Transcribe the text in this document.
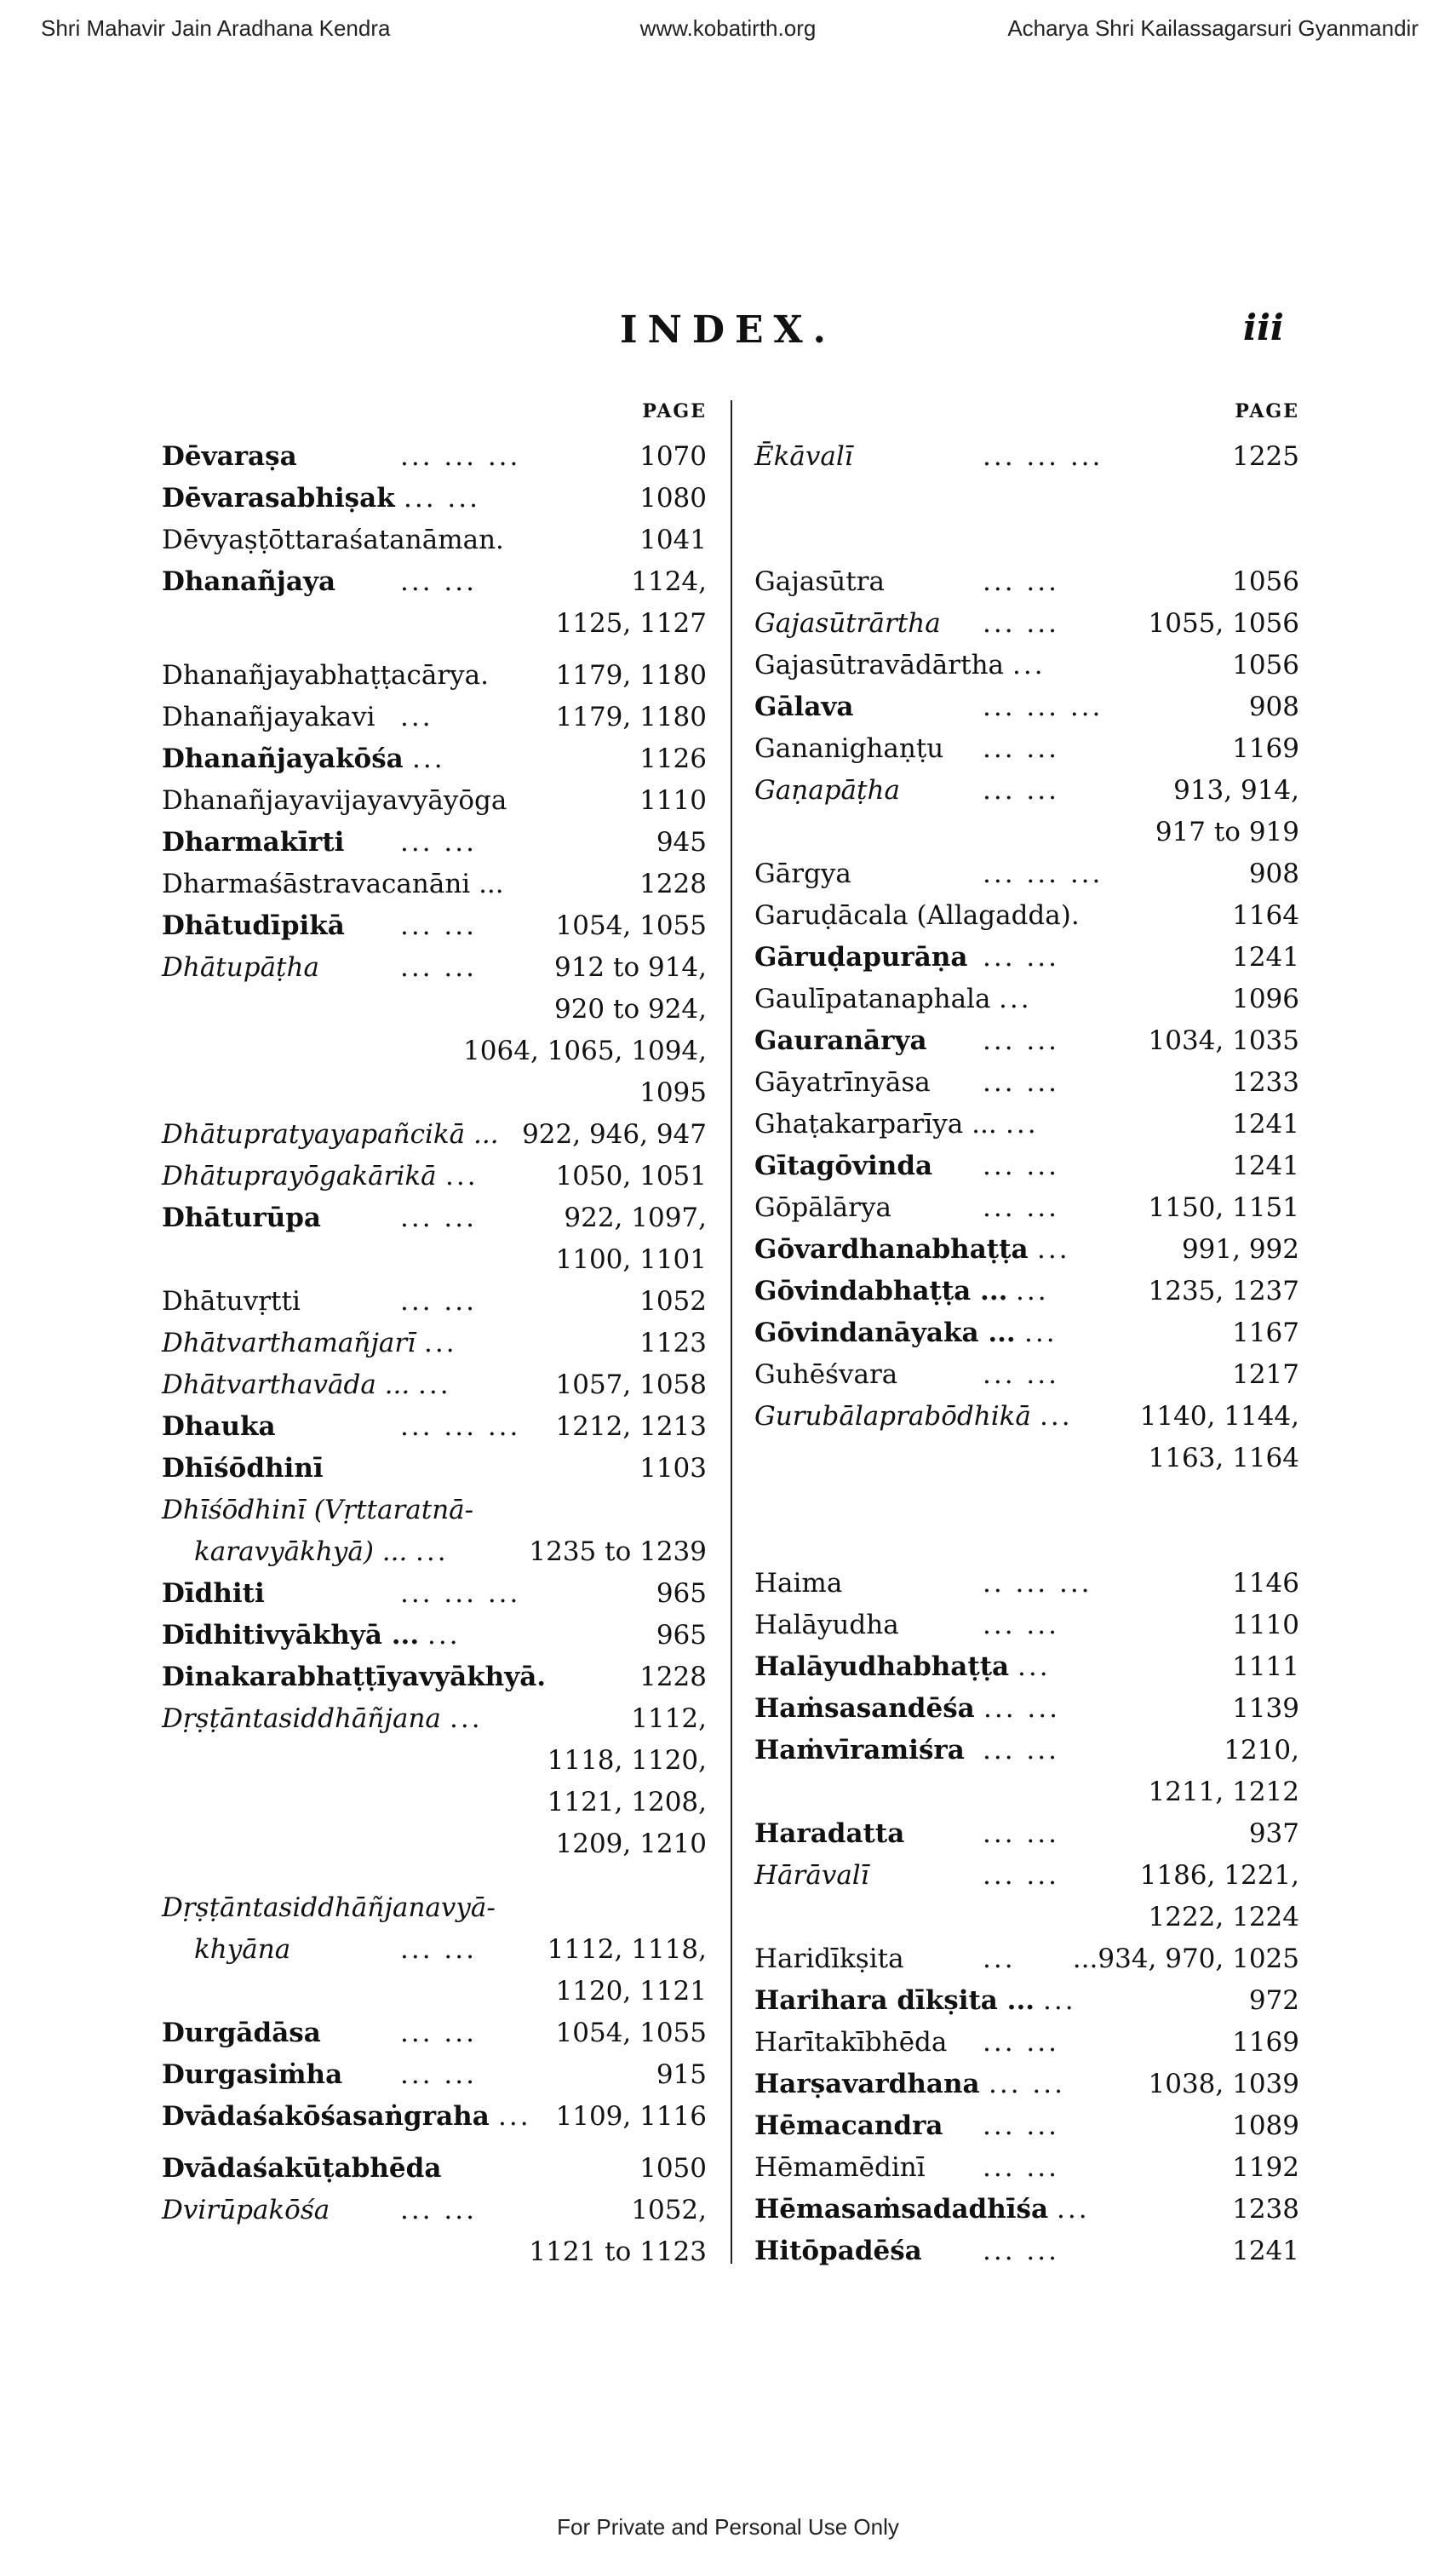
Shri Mahavir Jain Aradhana Kendra	www.kobatirth.org	Acharya Shri Kailassagarsuri Gyanmandir
INDEX.	iii
PAGE
Dēvaraṣa	... ... ...	1070
Dēvarasabhiṣak ... ...	1080
Dēvyaṣṭōttaraśatanāman.	1041
Dhanañjaya ... ...	1124,
1125, 1127
Dhanañjayabhaṭṭacārya.	1179, 1180
Dhanañjayakavi ...	1179, 1180
Dhanañjayakōśa ...	1126
Dhanañjayavijayavyāyōga	1110
Dharmakīrti ... ...	945
Dharmaśāstravacanāni ...	1228
Dhātudīpikā ... ...	1054, 1055
Dhātupāṭha	... ...	912 to 914,
920 to 924,
1064, 1065, 1094,
1095
Dhātupratyayapañcikā ... 922, 946, 947
Dhātuprayōgakārikā ...	1050, 1051
Dhāturūpa	... ...	922, 1097,
1100, 1101
Dhātuvṛtti	... ...	1052
Dhātvarthamañjarī ...	1123
Dhātvarthavāda ... ...	1057, 1058
Dhauka	... ... ... 1212, 1213
Dhīśōdhinī	1103
Dhīśōdhinī (Vṛttaratnā-
karavyākhyā) ... ...	1235 to 1239
Dīdhiti	... ... ...	965
Dīdhitivyākhyā ... ...	965
Dinakarabhaṭṭīyavyākhyā.	1228
Dṛṣṭāntasiddhāñjana ...	1112,
1118, 1120,
1121, 1208,
1209, 1210
Dṛṣṭāntasiddhāñjanavyā-
khyāna	... ...	1112, 1118,
1120, 1121
Durgādāsa	... ...	1054, 1055
Durgasiṁha ... ...	915
Dvādaśakōśasaṅgraha ... 1109, 1116
Dvādaśakūṭabhēda	1050
Dvirūpakōśa	... ...	1052,
1121 to 1123
PAGE
Ēkāvalī	... ... ...	1225
Gajasūtra	... ...	1056
Gajasūtrārtha ... ...	1055, 1056
Gajasūtravādārtha ...	1056
Gālava	... ... ...	908
Gananighaṇṭu ... ...	1169
Gaṇapāṭha	... ...	913, 914,
917 to 919
Gārgya	... ... ...	908
Garuḍācala (Allagadda).	1164
Gāruḍapurāṇa ... ...	1241
Gaulīpatanaphala ...	1096
Gauranārya ... ...	1034, 1035
Gāyatrīnyāsa ... ...	1233
Ghaṭakarparīya ... ...	1241
Gītagōvinda ... ...	1241
Gōpālārya	... ...	1150, 1151
Gōvardhanabhaṭṭa ...	991, 992
Gōvindabhaṭṭa ... ...	1235, 1237
Gōvindanāyaka ... ...	1167
Guhēśvara	... ...	1217
Gurubālaprabōdhikā ...	1140, 1144,
1163, 1164
Haima	.. ... ...	1146
Halāyudha	... ...	1110
Halāyudhabhaṭṭa ...	1111
Haṁsasandēśa ... ...	1139
Haṁvīramiśra ... ...	1210,
1211, 1212
Haradatta	... ...	937
Hārāvalī	... ...	1186, 1221,
1222, 1224
Haridīkṣita	... ...934, 970, 1025
Harihara dīkṣita ... ...	972
Harītakībhēda ... ...	1169
Harṣavardhana ... ...	1038, 1039
Hēmacandra ... ...	1089
Hēmamēdinī ... ...	1192
Hēmasaṁsadadhīśa ...	1238
Hitōpadēśa ... ...	1241
For Private and Personal Use Only
